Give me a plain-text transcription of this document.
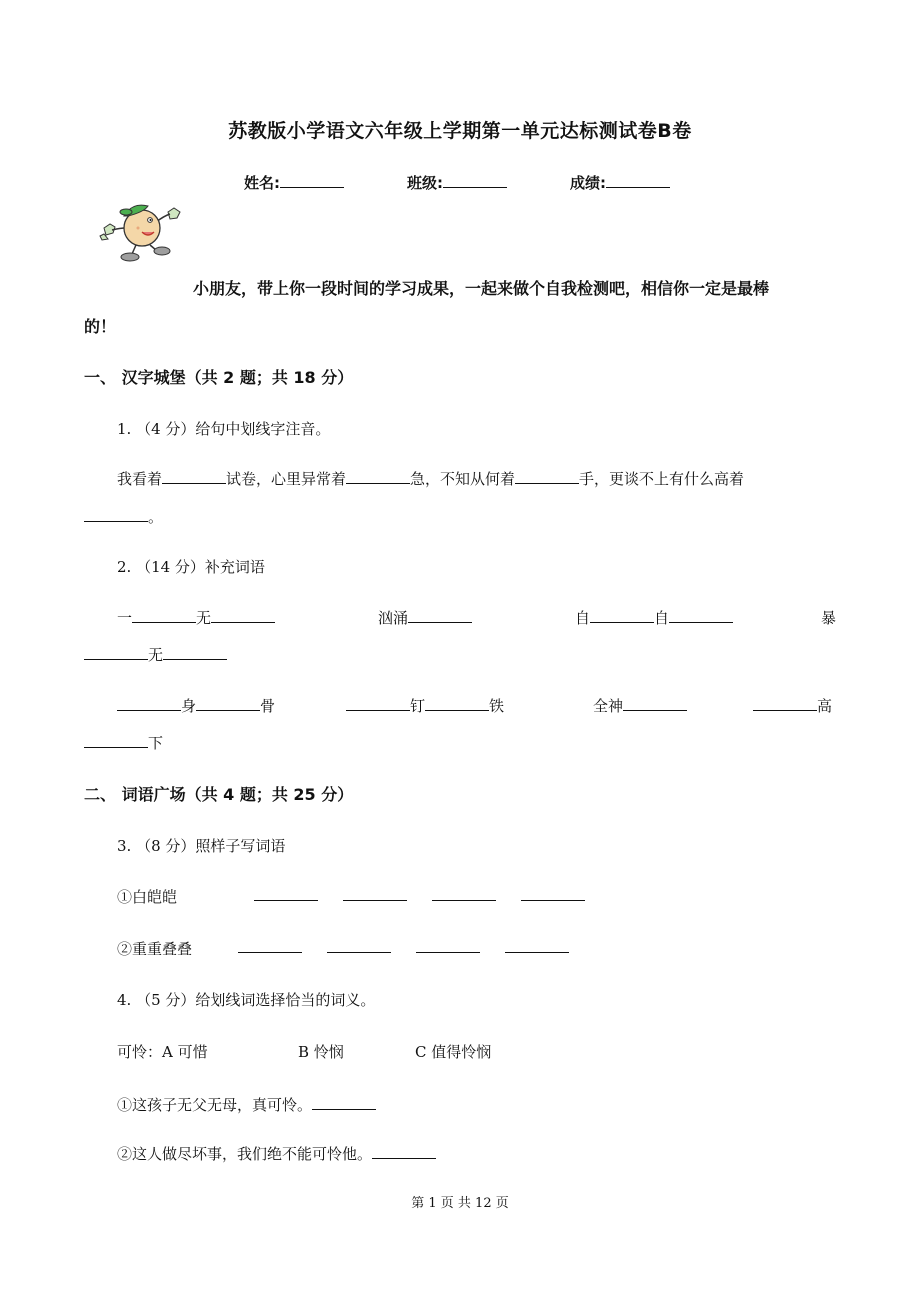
苏教版小学语文六年级上学期第一单元达标测试卷B卷
姓名:	班级:	成绩:
小朋友，带上你一段时间的学习成果，一起来做个自我检测吧，相信你一定是最棒
的！
一、 汉字城堡（共 2 题；共 18 分）
1. （4 分）给句中划线字注音。
我看着	试卷，心里异常着	急，不知从何着	手，更谈不上有什么高着
。
2. （14 分）补充词语
一	无	汹涌	自	自	暴
无
身	骨	钉	铁	全神	高
下
二、 词语广场（共 4 题；共 25 分）
3. （8 分）照样子写词语
①白皑皑
②重重叠叠
4. （5 分）给划线词选择恰当的词义。
可怜：A 可惜	B 怜悯	C 值得怜悯
①这孩子无父无母，真可怜。
②这人做尽坏事，我们绝不能可怜他。
第 1 页 共 12 页
